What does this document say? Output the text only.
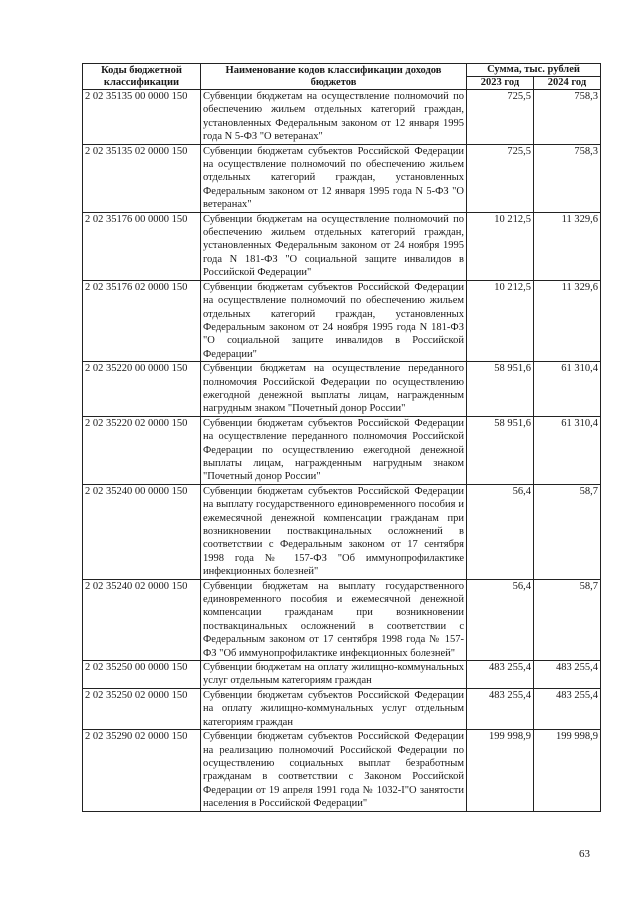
Коды бюджетной классификации	Наименование кодов классификации доходов бюджетов	Сумма, тыс. рублей	
		2023 год	2024 год
2 02 35135 00 0000 150	Субвенции бюджетам на осуществление полномочий по обеспечению жильем отдельных категорий граждан, установленных Федеральным законом от 12 января 1995 года N 5-ФЗ "О ветеранах"	725,5	758,3
2 02 35135 02 0000 150	Субвенции бюджетам субъектов Российской Федерации на осуществление полномочий по обеспечению жильем отдельных категорий граждан, установленных Федеральным законом от 12 января 1995 года N 5-ФЗ "О ветеранах"	725,5	758,3
2 02 35176 00 0000 150	Субвенции бюджетам на осуществление полномочий по обеспечению жильем отдельных категорий граждан, установленных Федеральным законом от 24 ноября 1995 года N 181-ФЗ "О социальной защите инвалидов в Российской Федерации"	10 212,5	11 329,6
2 02 35176 02 0000 150	Субвенции бюджетам субъектов Российской Федерации на осуществление полномочий по обеспечению жильем отдельных категорий граждан, установленных Федеральным законом от 24 ноября 1995 года N 181-ФЗ "О социальной защите инвалидов в Российской Федерации"	10 212,5	11 329,6
2 02 35220 00 0000 150	Субвенции бюджетам на осуществление переданного полномочия Российской Федерации по осуществлению ежегодной денежной выплаты лицам, награжденным нагрудным знаком "Почетный донор России"	58 951,6	61 310,4
2 02 35220 02 0000 150	Субвенции бюджетам субъектов Российской Федерации на осуществление переданного полномочия Российской Федерации по осуществлению ежегодной денежной выплаты лицам, награжденным нагрудным знаком "Почетный донор России"	58 951,6	61 310,4
2 02 35240 00 0000 150	Субвенции бюджетам субъектов Российской Федерации на выплату государственного единовременного пособия и ежемесячной денежной компенсации гражданам при возникновении поствакцинальных осложнений в соответствии с Федеральным законом от 17 сентября 1998 года № 157-ФЗ "Об иммунопрофилактике инфекционных болезней"	56,4	58,7
2 02 35240 02 0000 150	Субвенции бюджетам на выплату государственного единовременного пособия и ежемесячной денежной компенсации гражданам при возникновении поствакцинальных осложнений в соответствии с Федеральным законом от 17 сентября 1998 года № 157-ФЗ "Об иммунопрофилактике инфекционных болезней"	56,4	58,7
2 02 35250 00 0000 150	Субвенции бюджетам на оплату жилищно-коммунальных услуг отдельным категориям граждан	483 255,4	483 255,4
2 02 35250 02 0000 150	Субвенции бюджетам субъектов Российской Федерации на оплату жилищно-коммунальных услуг отдельным категориям граждан	483 255,4	483 255,4
2 02 35290 02 0000 150	Субвенции бюджетам субъектов Российской Федерации на реализацию полномочий Российской Федерации по осуществлению социальных выплат безработным гражданам в соответствии с Законом Российской Федерации от 19 апреля 1991 года № 1032-I"О занятости населения в Российской Федерации"	199 998,9	199 998,9
63
